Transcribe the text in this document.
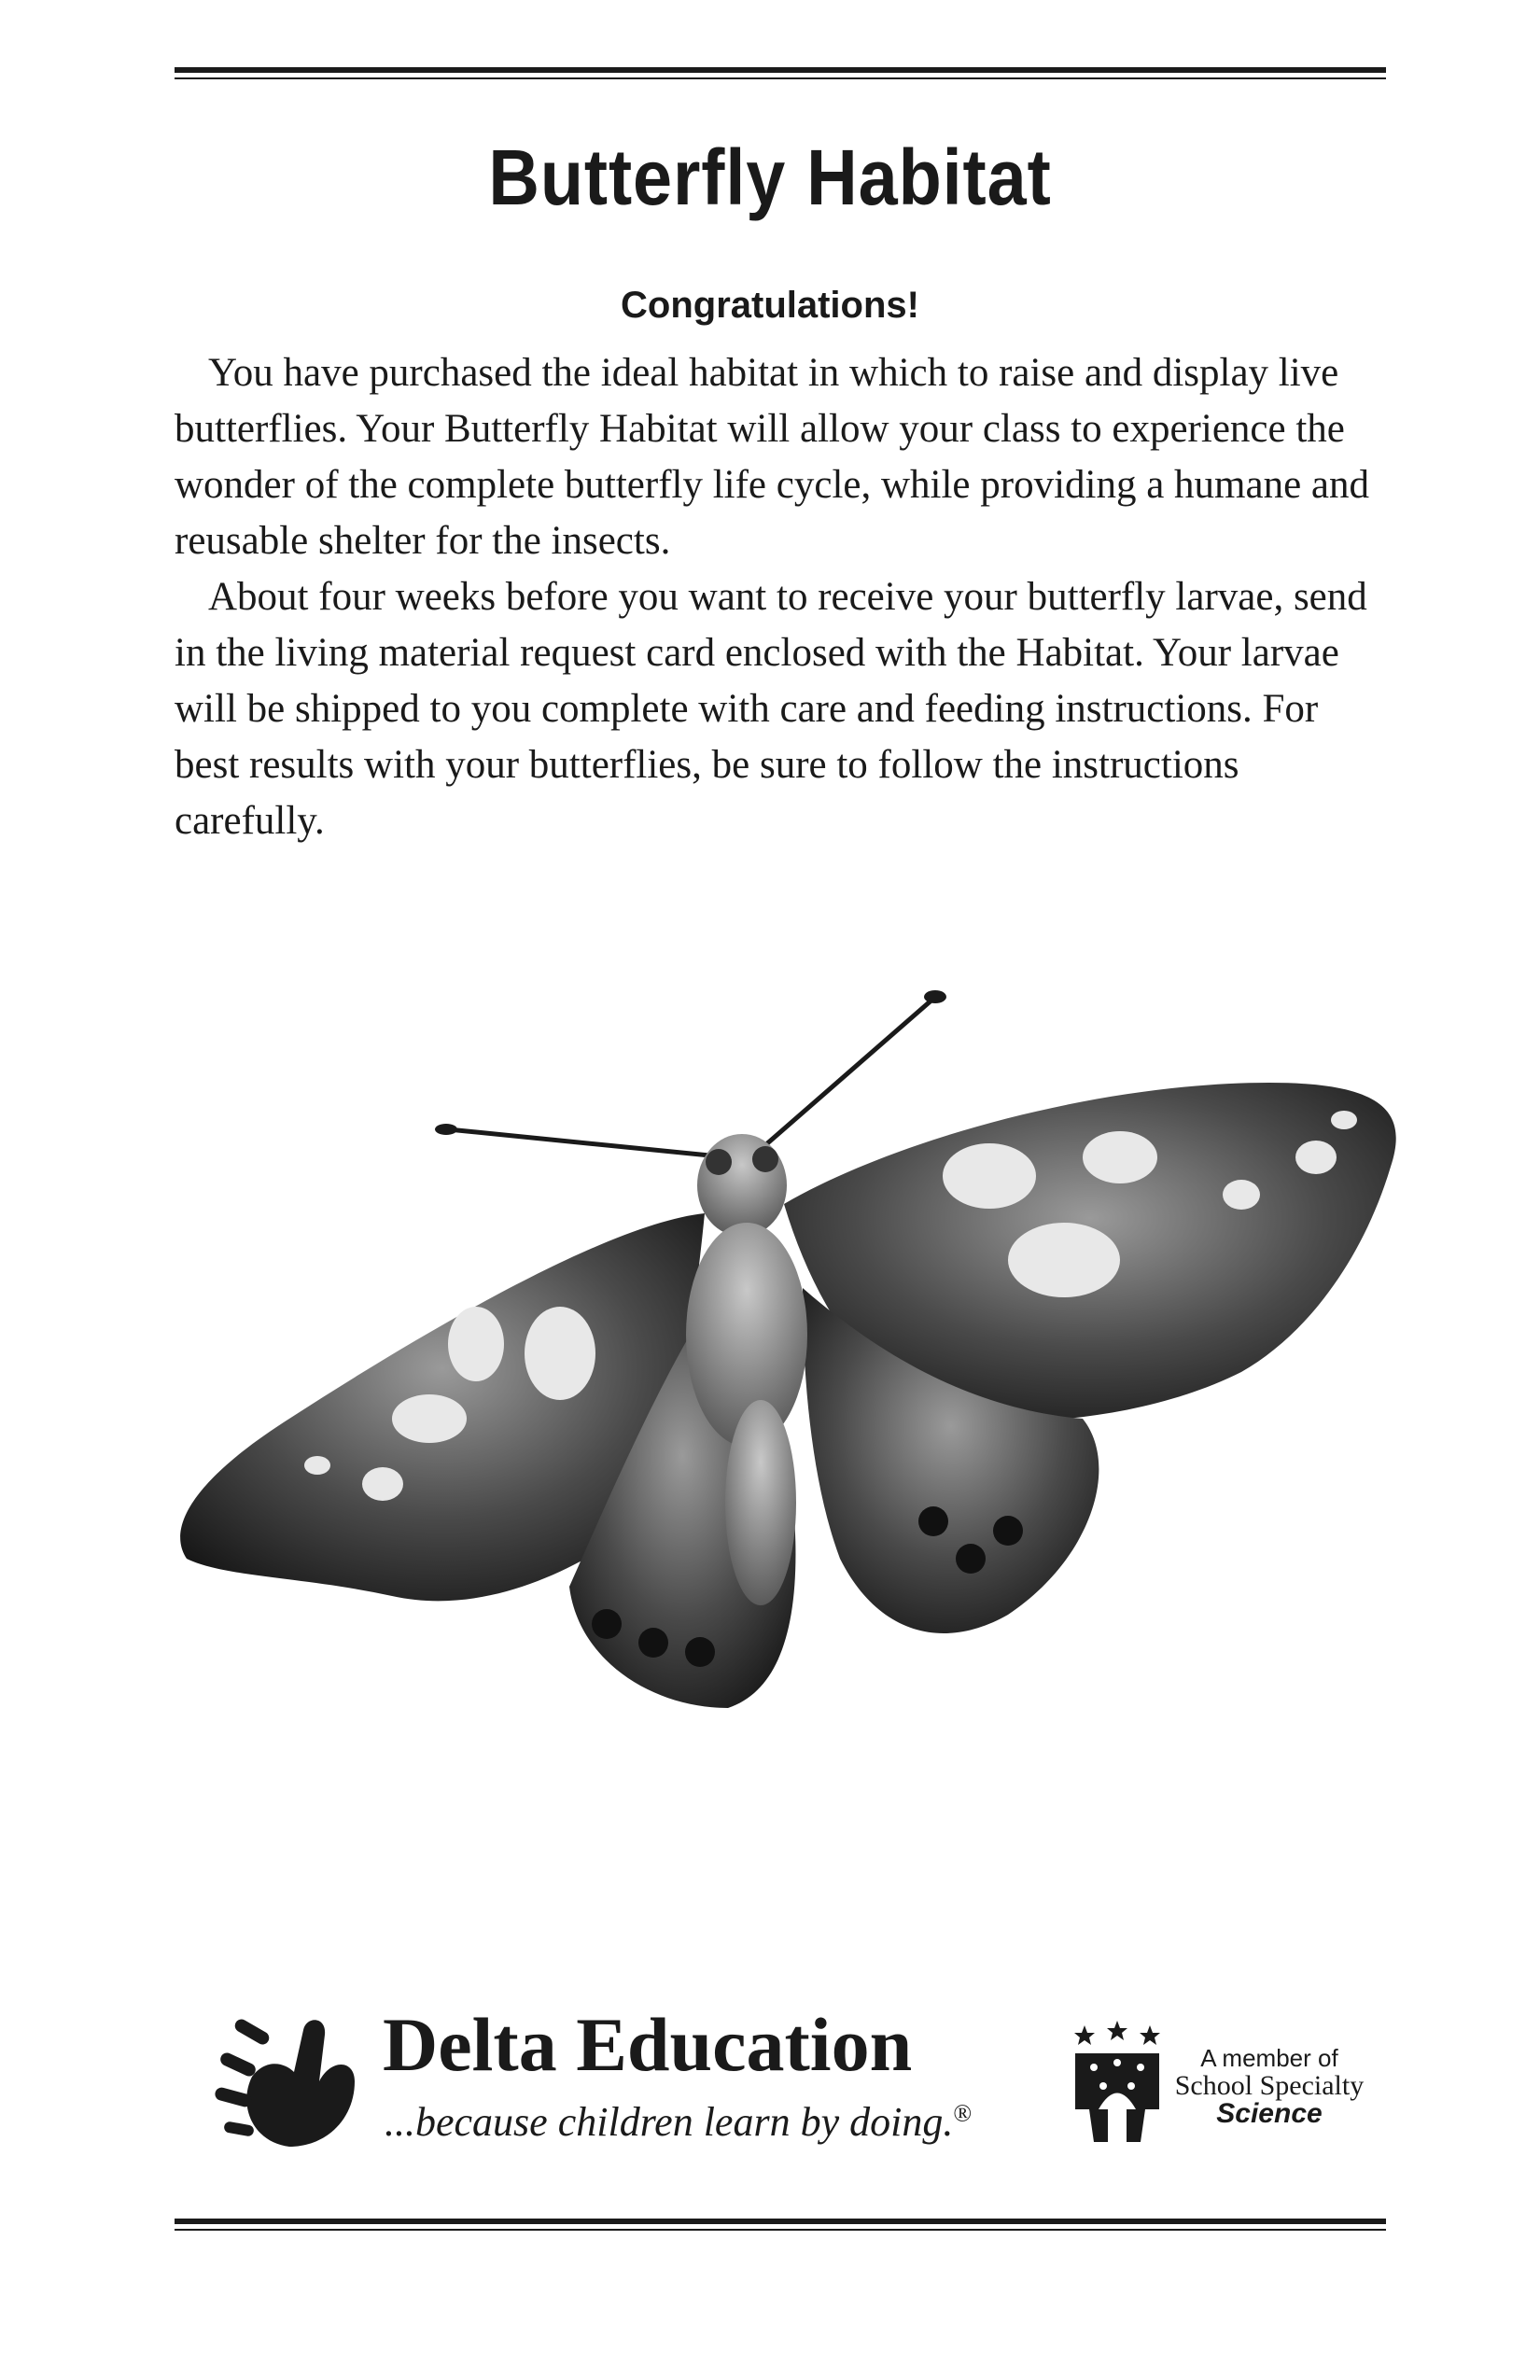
Butterfly Habitat
Congratulations!

You have purchased the ideal habitat in which to raise and display live butterflies. Your Butterfly Habitat will allow your class to experience the wonder of the complete butterfly life cycle, while providing a humane and reusable shelter for the insects.

About four weeks before you want to receive your butterfly larvae, send in the living material request card enclosed with the Habitat. Your larvae will be shipped to you complete with care and feeding instructions. For best results with your butterflies, be sure to follow the instructions carefully.

Delta Education
...because children learn by doing.®
A member of
School Specialty
Science
